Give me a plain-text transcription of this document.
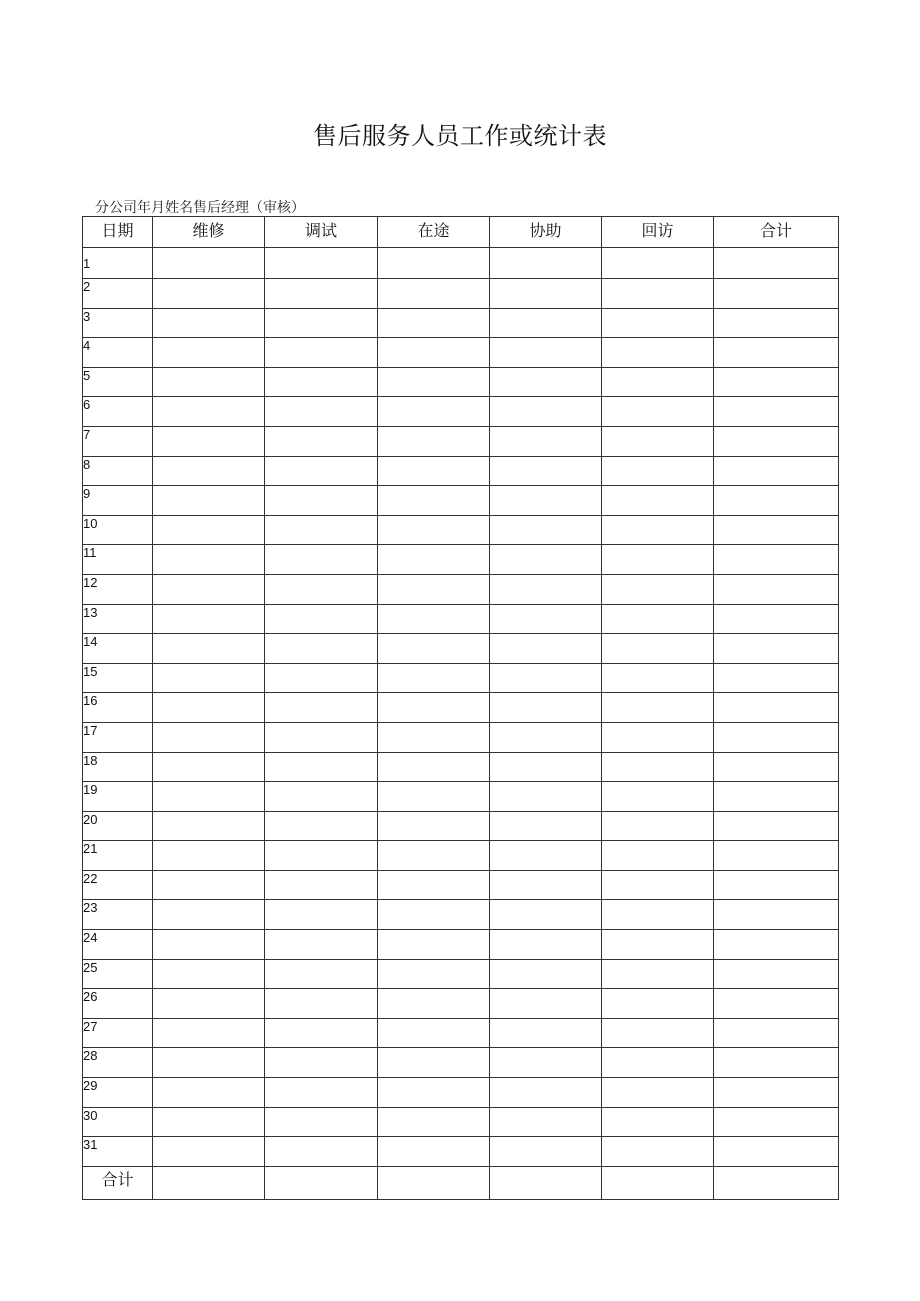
售后服务人员工作或统计表
分公司年月姓名售后经理（审核）
日期	维修	调试	在途	协助	回访	合计
1						
2						
3						
4						
5						
6						
7						
8						
9						
10						
11						
12						
13						
14						
15						
16						
17						
18						
19						
20						
21						
22						
23						
24						
25						
26						
27						
28						
29						
30						
31						
合计						
